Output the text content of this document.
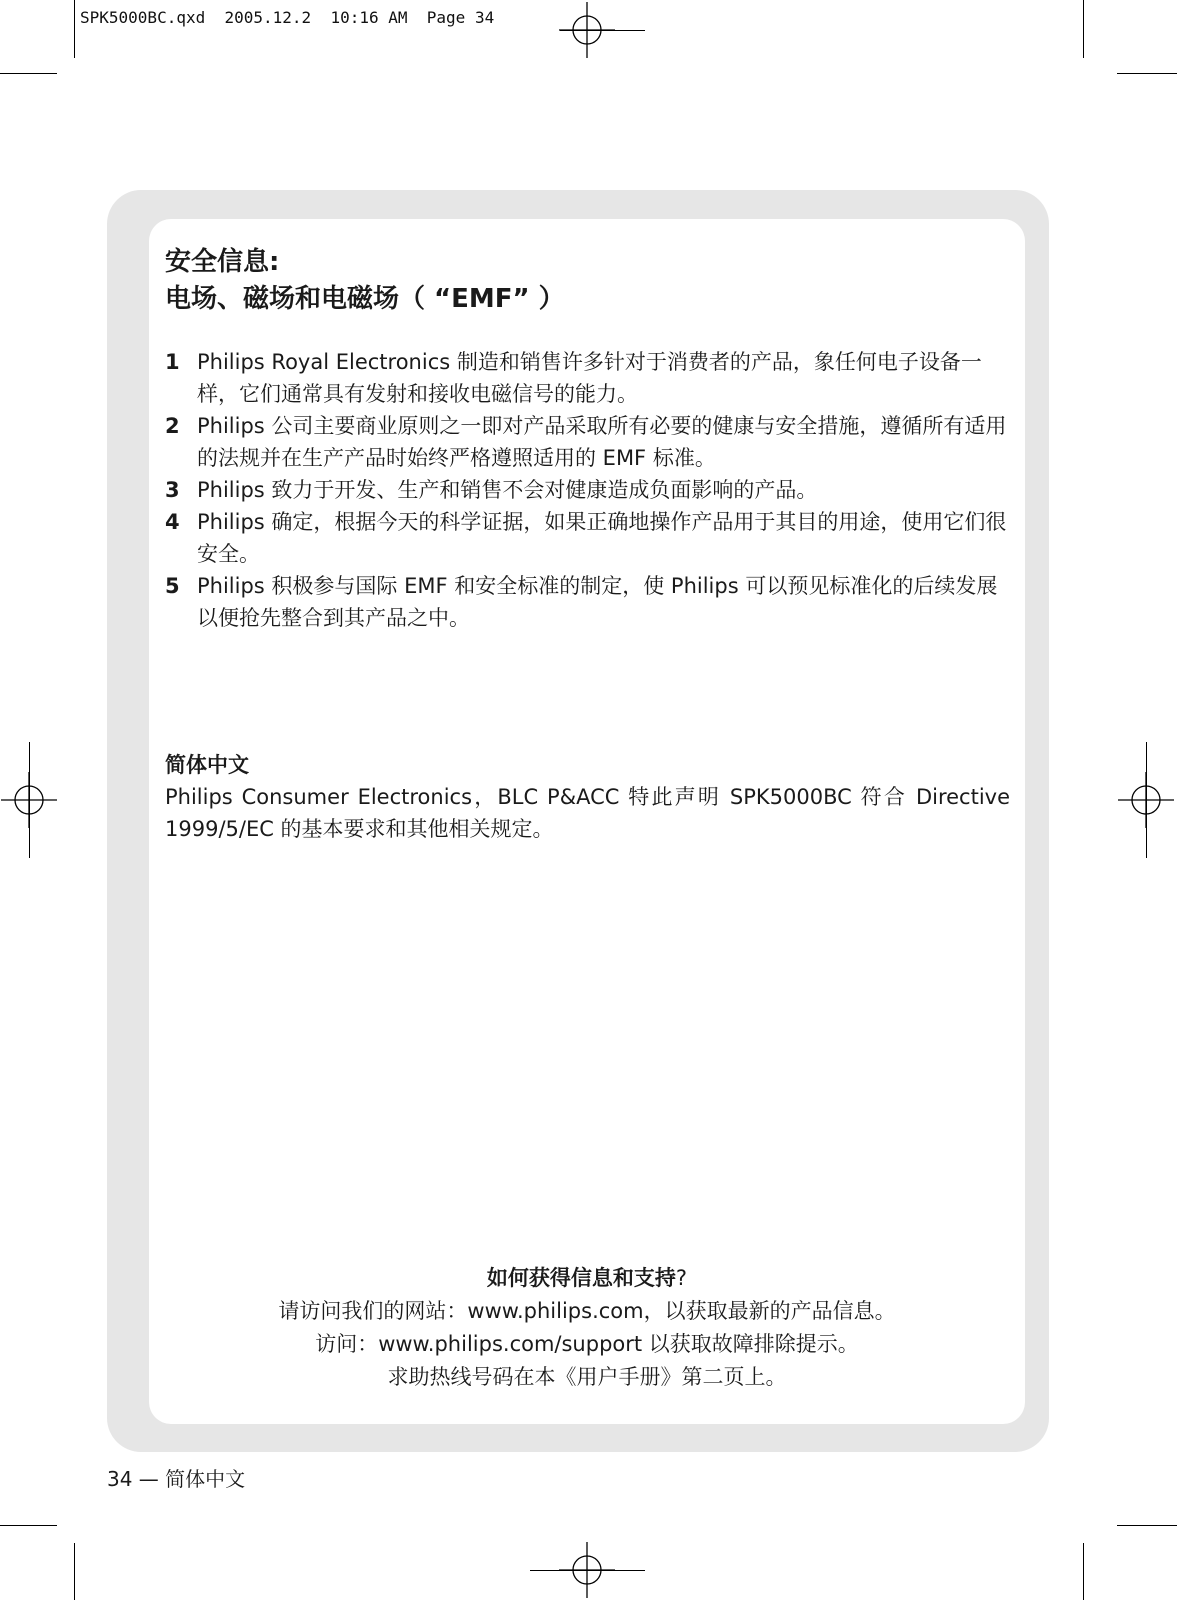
SPK5000BC.qxd  2005.12.2  10:16 AM  Page 34
安全信息:
电场、磁场和电磁场（ “EMF” ）
1 Philips Royal Electronics 制造和销售许多针对于消费者的产品，象任何电子设备一样，它们通常具有发射和接收电磁信号的能力。
2 Philips 公司主要商业原则之一即对产品采取所有必要的健康与安全措施，遵循所有适用的法规并在生产产品时始终严格遵照适用的 EMF 标准。
3 Philips 致力于开发、生产和销售不会对健康造成负面影响的产品。
4 Philips 确定，根据今天的科学证据，如果正确地操作产品用于其目的用途，使用它们很安全。
5 Philips 积极参与国际 EMF 和安全标准的制定，使 Philips 可以预见标准化的后续发展以便抢先整合到其产品之中。
简体中文

Philips Consumer Electronics，BLC P&ACC 特此声明 SPK5000BC 符合 Directive 1999/5/EC 的基本要求和其他相关规定。

如何获得信息和支持?
请访问我们的网站：www.philips.com，以获取最新的产品信息。
访问：www.philips.com/support 以获取故障排除提示。
求助热线号码在本《用户手册》第二页上。
34 — 简体中文
